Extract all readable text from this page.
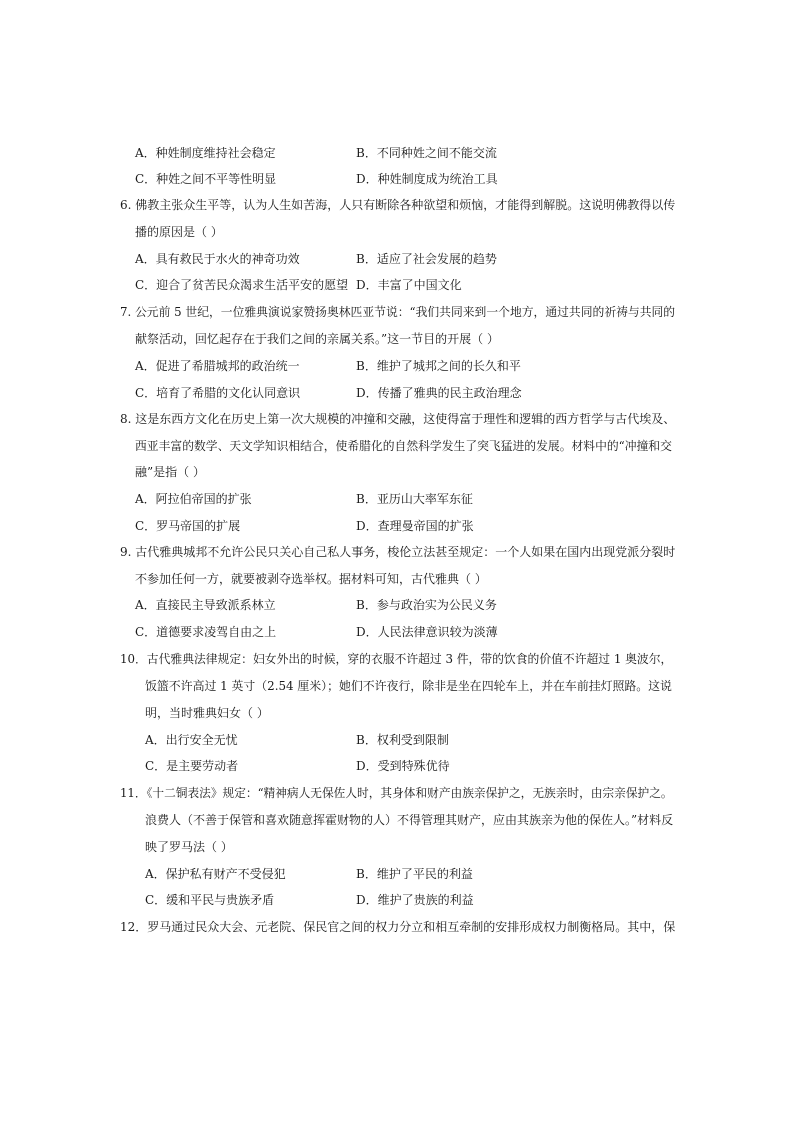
A．种姓制度维持社会稳定	B．不同种姓之间不能交流
C．种姓之间不平等性明显	D．种姓制度成为统治工具
6. 佛教主张众生平等，认为人生如苦海，人只有断除各种欲望和烦恼，才能得到解脱。这说明佛教得以传
播的原因是（ ）
A．具有救民于水火的神奇功效	B．适应了社会发展的趋势
C．迎合了贫苦民众渴求生活平安的愿望 D．丰富了中国文化
7. 公元前 5 世纪，一位雅典演说家赞扬奥林匹亚节说：“我们共同来到一个地方，通过共同的祈祷与共同的
献祭活动，回忆起存在于我们之间的亲属关系。”这一节目的开展（ ）
A．促进了希腊城邦的政治统一	B．维护了城邦之间的长久和平
C．培育了希腊的文化认同意识	D．传播了雅典的民主政治理念
8. 这是东西方文化在历史上第一次大规模的冲撞和交融，这使得富于理性和逻辑的西方哲学与古代埃及、
西亚丰富的数学、天文学知识相结合，使希腊化的自然科学发生了突飞猛进的发展。材料中的“冲撞和交
融”是指（ ）
A．阿拉伯帝国的扩张	B．亚历山大率军东征
C．罗马帝国的扩展	D．查理曼帝国的扩张
9. 古代雅典城邦不允许公民只关心自己私人事务，梭伦立法甚至规定：一个人如果在国内出现党派分裂时
不参加任何一方，就要被剥夺选举权。据材料可知，古代雅典（ ）
A．直接民主导致派系林立	B．参与政治实为公民义务
C．道德要求凌驾自由之上	D．人民法律意识较为淡薄
10．古代雅典法律规定：妇女外出的时候，穿的衣服不许超过 3 件，带的饮食的价值不许超过 1 奥波尔，
饭篮不许高过 1 英寸（2.54 厘米）；她们不许夜行，除非是坐在四轮车上，并在车前挂灯照路。这说
明，当时雅典妇女（ ）
A．出行安全无忧	B．权利受到限制
C．是主要劳动者	D．受到特殊优待
11．《十二铜表法》规定：“精神病人无保佐人时，其身体和财产由族亲保护之，无族亲时，由宗亲保护之。
浪费人（不善于保管和喜欢随意挥霍财物的人）不得管理其财产，应由其族亲为他的保佐人。”材料反
映了罗马法（ ）
A．保护私有财产不受侵犯	B．维护了平民的利益
C．缓和平民与贵族矛盾	D．维护了贵族的利益
12．罗马通过民众大会、元老院、保民官之间的权力分立和相互牵制的安排形成权力制衡格局。其中，保
